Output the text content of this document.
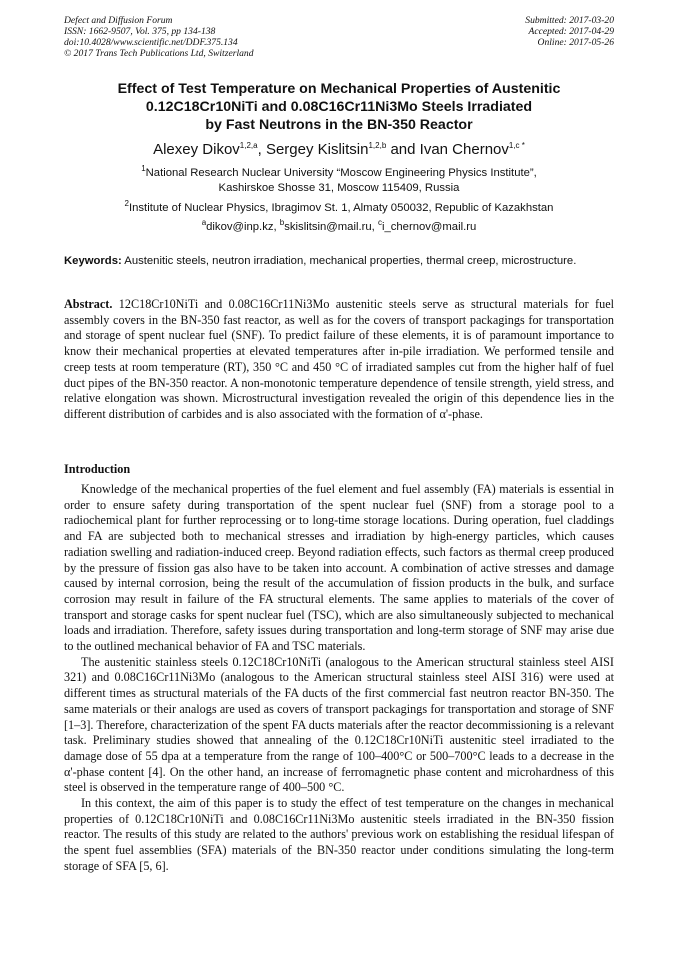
Defect and Diffusion Forum
ISSN: 1662-9507, Vol. 375, pp 134-138
doi:10.4028/www.scientific.net/DDF.375.134
© 2017 Trans Tech Publications Ltd, Switzerland
Submitted: 2017-03-20
Accepted: 2017-04-29
Online: 2017-05-26
Effect of Test Temperature on Mechanical Properties of Austenitic
0.12C18Cr10NiTi and 0.08C16Cr11Ni3Mo Steels Irradiated
by Fast Neutrons in the BN-350 Reactor
Alexey Dikov$^{1,2,a}$, Sergey Kislitsin$^{1,2,b}$ and Ivan Chernov$^{1,c *}$
$^1$National Research Nuclear University “Moscow Engineering Physics Institute”,
Kashirskoe Shosse 31, Moscow 115409, Russia
$^2$Institute of Nuclear Physics, Ibragimov St. 1, Almaty 050032, Republic of Kazakhstan
$^a$dikov@inp.kz, $^b$skislitsin@mail.ru, $^c$i_chernov@mail.ru
Keywords: Austenitic steels, neutron irradiation, mechanical properties, thermal creep, microstructure.
Abstract. 12C18Cr10NiTi and 0.08C16Cr11Ni3Mo austenitic steels serve as structural materials for fuel assembly covers in the BN-350 fast reactor, as well as for the covers of transport packagings for transportation and storage of spent nuclear fuel (SNF). To predict failure of these elements, it is of paramount importance to know their mechanical properties at elevated temperatures after in-pile irradiation. We performed tensile and creep tests at room temperature (RT), 350 °C and 450 °C of irradiated samples cut from the higher half of fuel duct pipes of the BN-350 reactor. A non-monotonic temperature dependence of tensile strength, yield stress, and relative elongation was shown. Microstructural investigation revealed the origin of this dependence lies in the different distribution of carbides and is also associated with the formation of α'-phase.
Introduction

Knowledge of the mechanical properties of the fuel element and fuel assembly (FA) materials is essential in order to ensure safety during transportation of the spent nuclear fuel (SNF) from a storage pool to a radiochemical plant for further reprocessing or to long-time storage locations. During operation, fuel claddings and FA are subjected both to mechanical stresses and irradiation by high-energy particles, which causes radiation swelling and radiation-induced creep. Beyond radiation effects, such factors as thermal creep produced by the pressure of fission gas also have to be taken into account. A combination of active stresses and damage caused by internal corrosion, being the result of the accumulation of fission products in the bulk, and surface corrosion may result in failure of the FA structural elements. The same applies to materials of the cover of transport and storage casks for spent nuclear fuel (TSC), which are also simultaneously subjected to mechanical loads and irradiation. Therefore, safety issues during transportation and long-term storage of SNF may arise due to the outlined mechanical behavior of FA and TSC materials.

The austenitic stainless steels 0.12C18Cr10NiTi (analogous to the American structural stainless steel AISI 321) and 0.08C16Cr11Ni3Mo (analogous to the American structural stainless steel AISI 316) were used at different times as structural materials of the FA ducts of the first commercial fast neutron reactor BN-350. The same materials or their analogs are used as covers of transport packagings for transportation and storage of SNF [1–3]. Therefore, characterization of the spent FA ducts materials after the reactor decommissioning is a relevant task. Preliminary studies showed that annealing of the 0.12C18Cr10NiTi austenitic steel irradiated to the damage dose of 55 dpa at a temperature from the range of 100–400°C or 500–700°C leads to a decrease in the α'-phase content [4]. On the other hand, an increase of ferromagnetic phase content and microhardness of this steel is observed in the temperature range of 400–500 °C.

In this context, the aim of this paper is to study the effect of test temperature on the changes in mechanical properties of 0.12C18Cr10NiTi and 0.08C16Cr11Ni3Mo austenitic steels irradiated in the BN-350 fission reactor. The results of this study are related to the authors' previous work on establishing the residual lifespan of the spent fuel assemblies (SFA) materials of the BN-350 reactor under conditions simulating the long-term storage of SFA [5, 6].
